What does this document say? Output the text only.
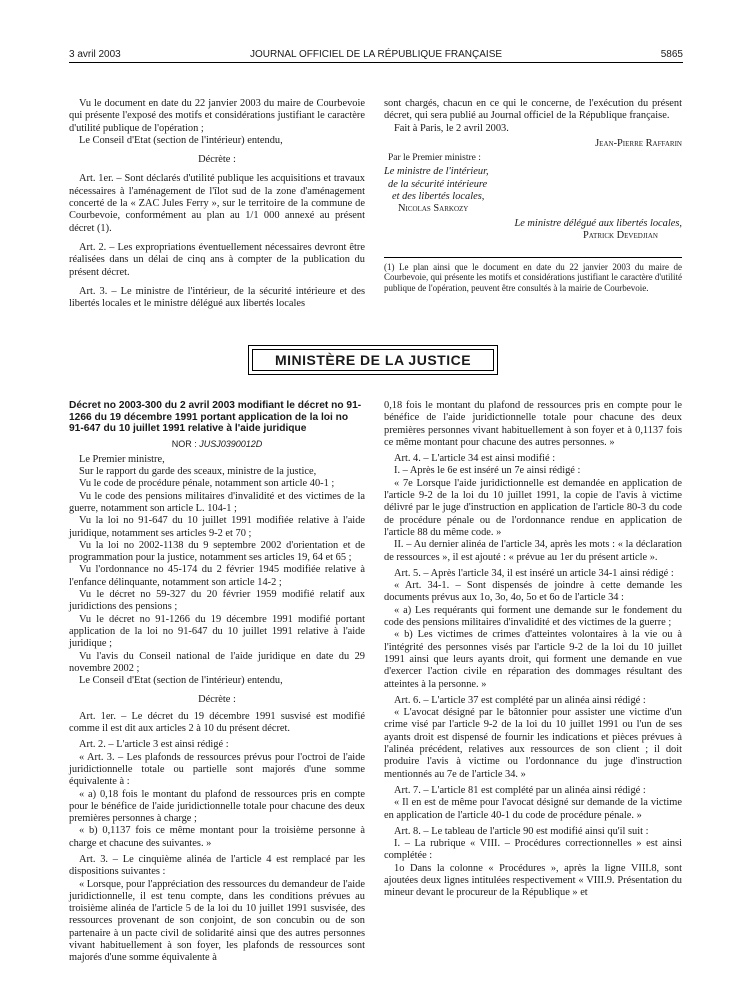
3 avril 2003	JOURNAL OFFICIEL DE LA RÉPUBLIQUE FRANÇAISE	5865

Vu le document en date du 22 janvier 2003 du maire de Courbevoie qui présente l'exposé des motifs et considérations justifiant le caractère d'utilité publique de l'opération ;

Le Conseil d'Etat (section de l'intérieur) entendu,

Décrète :

Art. 1er. – Sont déclarés d'utilité publique les acquisitions et travaux nécessaires à l'aménagement de l'îlot sud de la zone d'aménagement concerté de la « ZAC Jules Ferry », sur le territoire de la commune de Courbevoie, conformément au plan au 1/1 000 annexé au présent décret (1).

Art. 2. – Les expropriations éventuellement nécessaires devront être réalisées dans un délai de cinq ans à compter de la publication du présent décret.

Art. 3. – Le ministre de l'intérieur, de la sécurité intérieure et des libertés locales et le ministre délégué aux libertés locales

sont chargés, chacun en ce qui le concerne, de l'exécution du présent décret, qui sera publié au Journal officiel de la République française.

Fait à Paris, le 2 avril 2003.

Jean-Pierre Raffarin

Par le Premier ministre :

Le ministre de l'intérieur,

de la sécurité intérieure

et des libertés locales,

Nicolas Sarkozy

Le ministre délégué aux libertés locales,

Patrick Devedjian

(1) Le plan ainsi que le document en date du 22 janvier 2003 du maire de Courbevoie, qui présente les motifs et considérations justifiant le caractère d'utilité publique de l'opération, peuvent être consultés à la mairie de Courbevoie.
MINISTÈRE DE LA JUSTICE

Décret no 2003-300 du 2 avril 2003 modifiant le décret no 91-1266 du 19 décembre 1991 portant application de la loi no 91-647 du 10 juillet 1991 relative à l'aide juridique

NOR : JUSJ0390012D

Le Premier ministre,

Sur le rapport du garde des sceaux, ministre de la justice,

Vu le code de procédure pénale, notamment son article 40-1 ;

Vu le code des pensions militaires d'invalidité et des victimes de la guerre, notamment son article L. 104-1 ;

Vu la loi no 91-647 du 10 juillet 1991 modifiée relative à l'aide juridique, notamment ses articles 9-2 et 70 ;

Vu la loi no 2002-1138 du 9 septembre 2002 d'orientation et de programmation pour la justice, notamment ses articles 19, 64 et 65 ;

Vu l'ordonnance no 45-174 du 2 février 1945 modifiée relative à l'enfance délinquante, notamment son article 14-2 ;

Vu le décret no 59-327 du 20 février 1959 modifié relatif aux juridictions des pensions ;

Vu le décret no 91-1266 du 19 décembre 1991 modifié portant application de la loi no 91-647 du 10 juillet 1991 relative à l'aide juridique ;

Vu l'avis du Conseil national de l'aide juridique en date du 29 novembre 2002 ;

Le Conseil d'Etat (section de l'intérieur) entendu,

Décrète :

Art. 1er. – Le décret du 19 décembre 1991 susvisé est modifié comme il est dit aux articles 2 à 10 du présent décret.

Art. 2. – L'article 3 est ainsi rédigé :

« Art. 3. – Les plafonds de ressources prévus pour l'octroi de l'aide juridictionnelle totale ou partielle sont majorés d'une somme équivalente à :

« a) 0,18 fois le montant du plafond de ressources pris en compte pour le bénéfice de l'aide juridictionnelle totale pour chacune des deux premières personnes à charge ;

« b) 0,1137 fois ce même montant pour la troisième personne à charge et chacune des suivantes. »

Art. 3. – Le cinquième alinéa de l'article 4 est remplacé par les dispositions suivantes :

« Lorsque, pour l'appréciation des ressources du demandeur de l'aide juridictionnelle, il est tenu compte, dans les conditions prévues au troisième alinéa de l'article 5 de la loi du 10 juillet 1991 susvisée, des ressources provenant de son conjoint, de son concubin ou de son partenaire à un pacte civil de solidarité ainsi que des autres personnes vivant habituellement à son foyer, les plafonds de ressources sont majorés d'une somme équivalente à

0,18 fois le montant du plafond de ressources pris en compte pour le bénéfice de l'aide juridictionnelle totale pour chacune des deux premières personnes vivant habituellement à son foyer et à 0,1137 fois ce même montant pour chacune des autres personnes. »

Art. 4. – L'article 34 est ainsi modifié :

I. – Après le 6e est inséré un 7e ainsi rédigé :

« 7e Lorsque l'aide juridictionnelle est demandée en application de l'article 9-2 de la loi du 10 juillet 1991, la copie de l'avis à victime délivré par le juge d'instruction en application de l'article 80-3 du code de procédure pénale ou de l'ordonnance rendue en application de l'article 88 du même code. »

II. – Au dernier alinéa de l'article 34, après les mots : « la déclaration de ressources », il est ajouté : « prévue au 1er du présent article ».

Art. 5. – Après l'article 34, il est inséré un article 34-1 ainsi rédigé :

« Art. 34-1. – Sont dispensés de joindre à cette demande les documents prévus aux 1o, 3o, 4o, 5o et 6o de l'article 34 :

« a) Les requérants qui forment une demande sur le fondement du code des pensions militaires d'invalidité et des victimes de la guerre ;

« b) Les victimes de crimes d'atteintes volontaires à la vie ou à l'intégrité des personnes visés par l'article 9-2 de la loi du 10 juillet 1991 ainsi que leurs ayants droit, qui forment une demande en vue d'exercer l'action civile en réparation des dommages résultant des atteintes à la personne. »

Art. 6. – L'article 37 est complété par un alinéa ainsi rédigé :

« L'avocat désigné par le bâtonnier pour assister une victime d'un crime visé par l'article 9-2 de la loi du 10 juillet 1991 ou l'un de ses ayants droit est dispensé de fournir les indications et pièces prévues à l'alinéa précédent, relatives aux ressources de son client ; il doit produire l'avis à victime ou l'ordonnance du juge d'instruction mentionnés au 7e de l'article 34. »

Art. 7. – L'article 81 est complété par un alinéa ainsi rédigé :

« Il en est de même pour l'avocat désigné sur demande de la victime en application de l'article 40-1 du code de procédure pénale. »

Art. 8. – Le tableau de l'article 90 est modifié ainsi qu'il suit :

I. – La rubrique « VIII. – Procédures correctionnelles » est ainsi complétée :

1o Dans la colonne « Procédures », après la ligne VIII.8, sont ajoutées deux lignes intitulées respectivement « VIII.9. Présentation du mineur devant le procureur de la République » et
